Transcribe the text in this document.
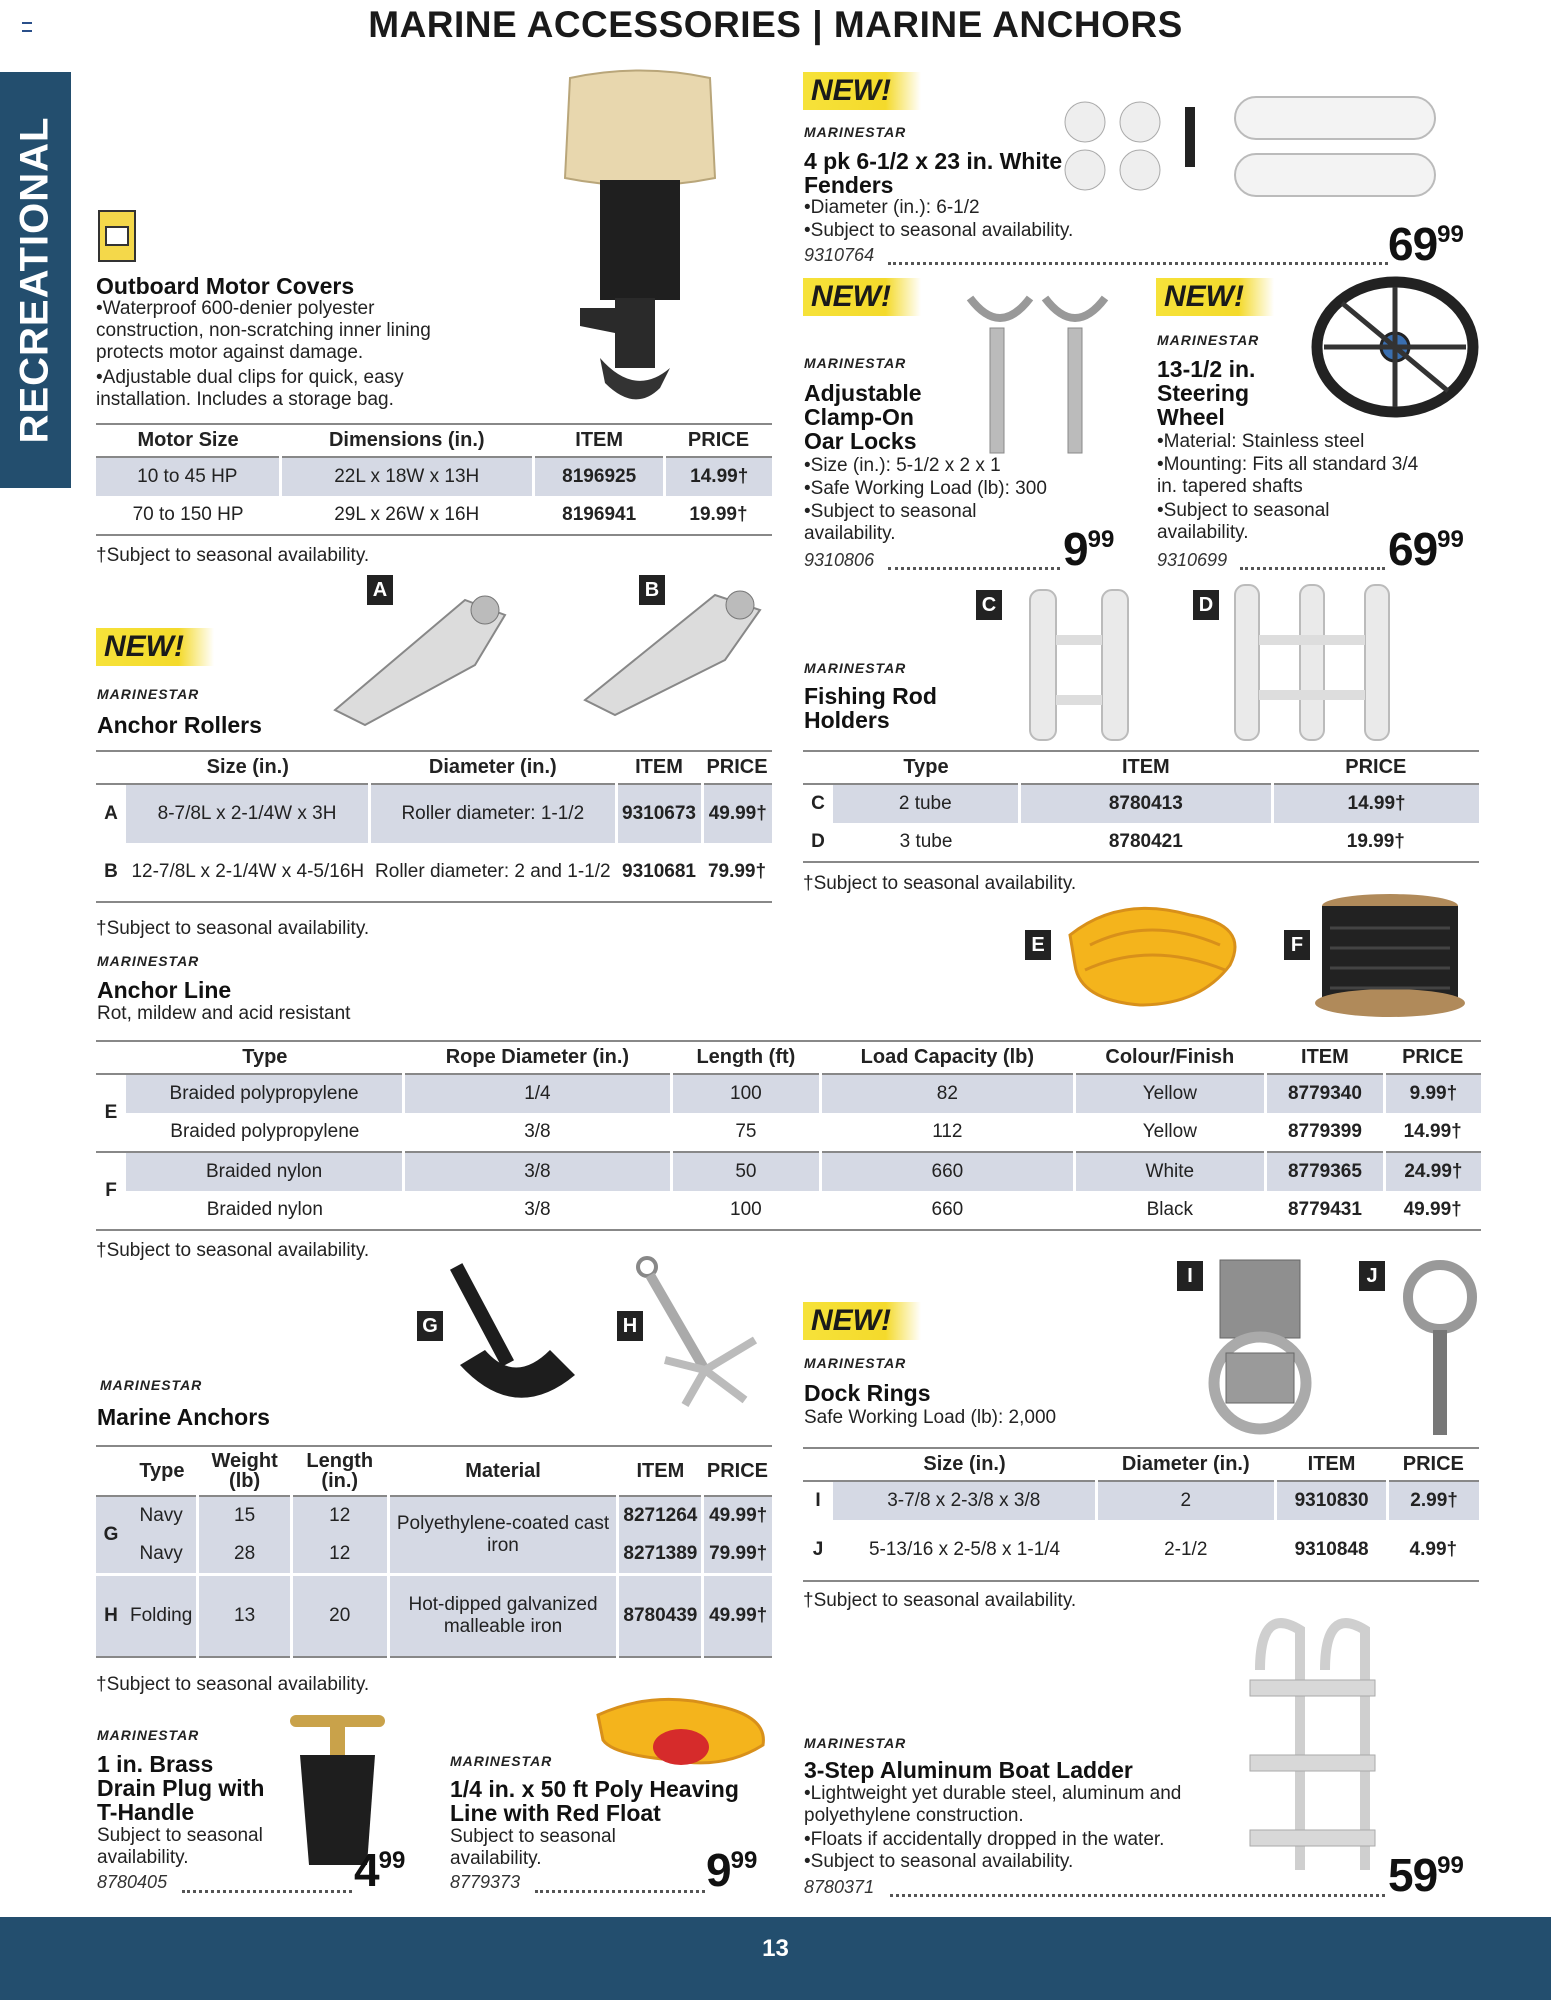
MARINE ACCESSORIES | MARINE ANCHORS
RECREATIONAL
13
Outboard Motor Covers
•Waterproof 600-denier polyester construction, non-scratching inner lining protects motor against damage.
•Adjustable dual clips for quick, easy installation. Includes a storage bag.
Motor Size	Dimensions (in.)	ITEM	PRICE
10 to 45 HP	22L x 18W x 13H	8196925	14.99†
70 to 150 HP	29L x 26W x 16H	8196941	19.99†
†Subject to seasonal availability.
NEW!
MARINESTAR
4 pk 6-1/2 x 23 in. White Fenders
•Diameter (in.): 6-1/2
•Subject to seasonal availability.
9310764	$69^{99}$
NEW!
MARINESTAR
Adjustable Clamp-On Oar Locks
•Size (in.): 5-1/2 x 2 x 1
•Safe Working Load (lb): 300
•Subject to seasonal availability.
9310806	$9^{99}$
NEW!
MARINESTAR
13-1/2 in. Steering Wheel
•Material: Stainless steel
•Mounting: Fits all standard 3/4 in. tapered shafts
•Subject to seasonal availability.
9310699	$69^{99}$
A	B
NEW!
MARINESTAR
Anchor Rollers
	Size (in.)	Diameter (in.)	ITEM	PRICE
A	8-7/8L x 2-1/4W x 3H	Roller diameter: 1-1/2	9310673	49.99†
B	12-7/8L x 2-1/4W x 4-5/16H	Roller diameter: 2 and 1-1/2	9310681	79.99†
†Subject to seasonal availability.
C	D
MARINESTAR
Fishing Rod Holders
	Type	ITEM	PRICE
C	2 tube	8780413	14.99†
D	3 tube	8780421	19.99†
†Subject to seasonal availability.
E	F
MARINESTAR
Anchor Line
Rot, mildew and acid resistant
	Type	Rope Diameter (in.)	Length (ft)	Load Capacity (lb)	Colour/Finish	ITEM	PRICE
E	Braided polypropylene	1/4	100	82	Yellow	8779340	9.99†
	Braided polypropylene	3/8	75	112	Yellow	8779399	14.99†
F	Braided nylon	3/8	50	660	White	8779365	24.99†
	Braided nylon	3/8	100	660	Black	8779431	49.99†
†Subject to seasonal availability.
G	H
MARINESTAR
Marine Anchors
	Type	Weight (lb)	Length (in.)	Material	ITEM	PRICE
G	Navy	15	12	Polyethylene-coated cast iron	8271264	49.99†
	Navy	28	12		8271389	79.99†
H	Folding	13	20	Hot-dipped galvanized malleable iron	8780439	49.99†
†Subject to seasonal availability.
I	J
NEW!
MARINESTAR
Dock Rings
Safe Working Load (lb): 2,000
	Size (in.)	Diameter (in.)	ITEM	PRICE
I	3-7/8 x 2-3/8 x 3/8	2	9310830	2.99†
J	5-13/16 x 2-5/8 x 1-1/4	2-1/2	9310848	4.99†
†Subject to seasonal availability.
MARINESTAR
1 in. Brass Drain Plug with T-Handle
Subject to seasonal availability.
8780405	$4^{99}$
MARINESTAR
1/4 in. x 50 ft Poly Heaving Line with Red Float
Subject to seasonal availability.
8779373	$9^{99}$
MARINESTAR
3-Step Aluminum Boat Ladder
•Lightweight yet durable steel, aluminum and polyethylene construction.
•Floats if accidentally dropped in the water.
•Subject to seasonal availability.
8780371	$59^{99}$
